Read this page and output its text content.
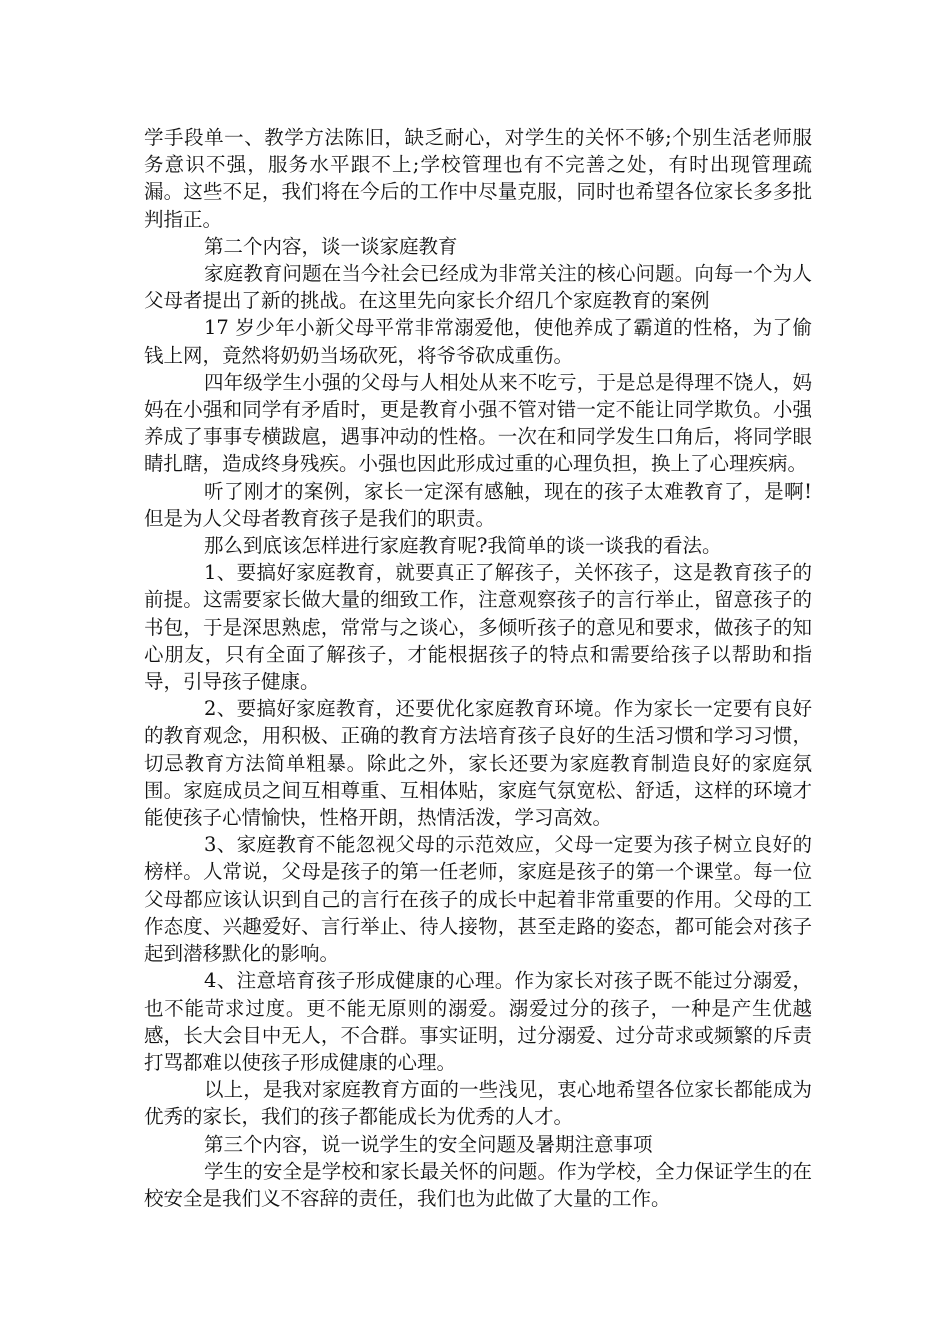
学手段单一、教学方法陈旧，缺乏耐心，对学生的关怀不够;个别生活老师服务意识不强，服务水平跟不上;学校管理也有不完善之处，有时出现管理疏漏。这些不足，我们将在今后的工作中尽量克服，同时也希望各位家长多多批判指正。

第二个内容，谈一谈家庭教育

家庭教育问题在当今社会已经成为非常关注的核心问题。向每一个为人父母者提出了新的挑战。在这里先向家长介绍几个家庭教育的案例

17 岁少年小新父母平常非常溺爱他，使他养成了霸道的性格，为了偷钱上网，竟然将奶奶当场砍死，将爷爷砍成重伤。

四年级学生小强的父母与人相处从来不吃亏，于是总是得理不饶人，妈妈在小强和同学有矛盾时，更是教育小强不管对错一定不能让同学欺负。小强养成了事事专横跋扈，遇事冲动的性格。一次在和同学发生口角后，将同学眼睛扎瞎，造成终身残疾。小强也因此形成过重的心理负担，换上了心理疾病。

听了刚才的案例，家长一定深有感触，现在的孩子太难教育了，是啊!但是为人父母者教育孩子是我们的职责。

那么到底该怎样进行家庭教育呢?我简单的谈一谈我的看法。

1、要搞好家庭教育，就要真正了解孩子，关怀孩子，这是教育孩子的前提。这需要家长做大量的细致工作，注意观察孩子的言行举止，留意孩子的书包，于是深思熟虑，常常与之谈心，多倾听孩子的意见和要求，做孩子的知心朋友，只有全面了解孩子，才能根据孩子的特点和需要给孩子以帮助和指导，引导孩子健康。

2、要搞好家庭教育，还要优化家庭教育环境。作为家长一定要有良好的教育观念，用积极、正确的教育方法培育孩子良好的生活习惯和学习习惯，切忌教育方法简单粗暴。除此之外，家长还要为家庭教育制造良好的家庭氛围。家庭成员之间互相尊重、互相体贴，家庭气氛宽松、舒适，这样的环境才能使孩子心情愉快，性格开朗，热情活泼，学习高效。

3、家庭教育不能忽视父母的示范效应，父母一定要为孩子树立良好的榜样。人常说，父母是孩子的第一任老师，家庭是孩子的第一个课堂。每一位父母都应该认识到自己的言行在孩子的成长中起着非常重要的作用。父母的工作态度、兴趣爱好、言行举止、待人接物，甚至走路的姿态，都可能会对孩子起到潜移默化的影响。

4、注意培育孩子形成健康的心理。作为家长对孩子既不能过分溺爱，也不能苛求过度。更不能无原则的溺爱。溺爱过分的孩子，一种是产生优越感，长大会目中无人，不合群。事实证明，过分溺爱、过分苛求或频繁的斥责打骂都难以使孩子形成健康的心理。

以上，是我对家庭教育方面的一些浅见，衷心地希望各位家长都能成为优秀的家长，我们的孩子都能成长为优秀的人才。

第三个内容，说一说学生的安全问题及暑期注意事项

学生的安全是学校和家长最关怀的问题。作为学校，全力保证学生的在校安全是我们义不容辞的责任，我们也为此做了大量的工作。
